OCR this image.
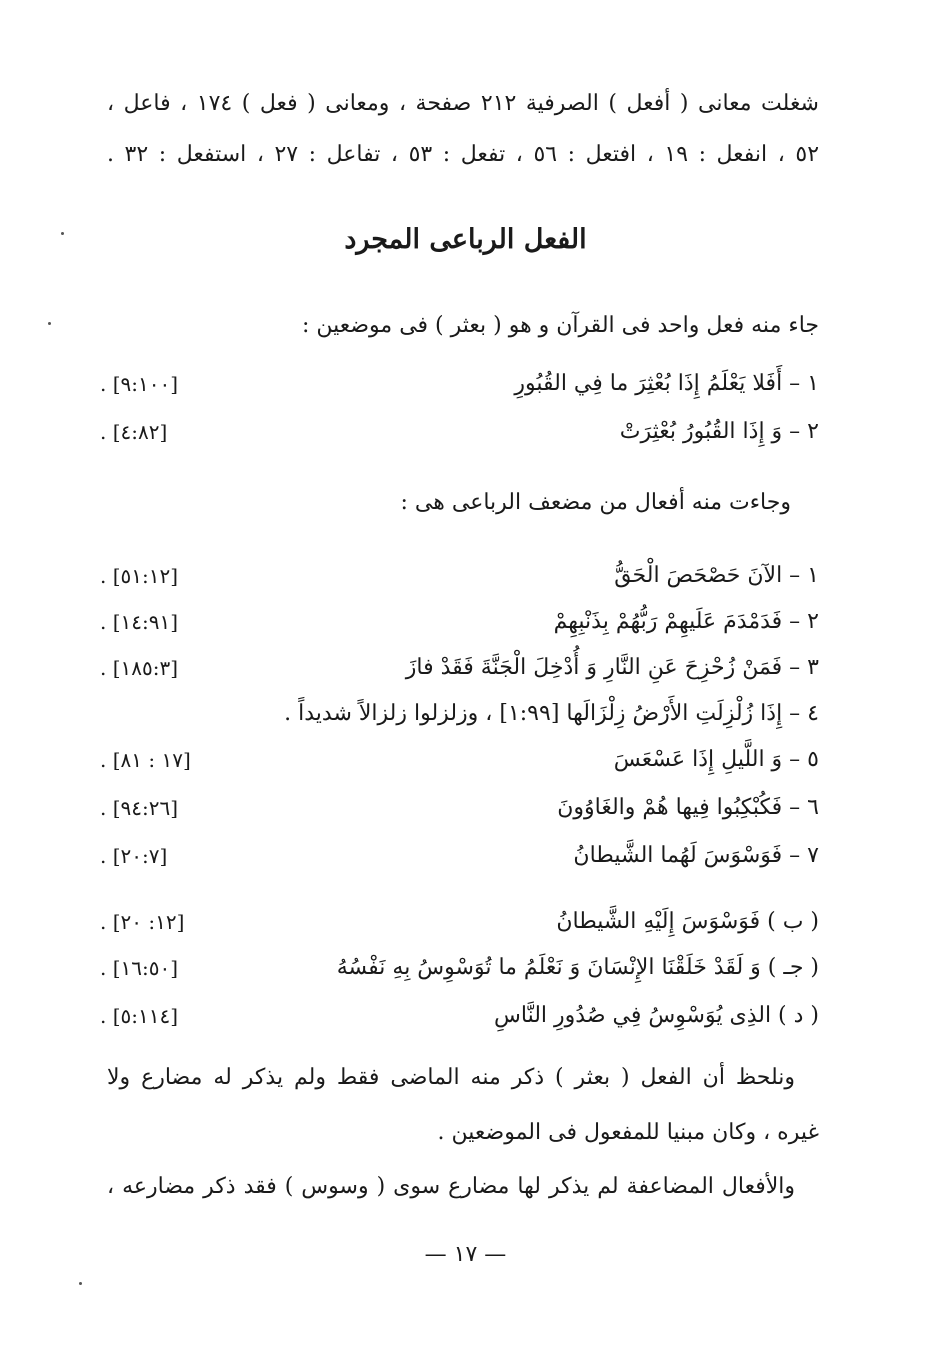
شغلت معانى ( أفعل ) الصرفية ٢١٢ صفحة ، ومعانى ( فعل ) ١٧٤ ، فاعل ،
٥٢ ، انفعل : ١٩ ، افتعل : ٥٦ ، تفعل : ٥٣ ، تفاعل : ٢٧ ، استفعل : ٣٢ .
الفعل الرباعى المجرد
جاء منه فعل واحد فى القرآن و هو ( بعثر ) فى موضعين :
١ – أَفَلا يَعْلَمُ إِذَا بُعْثِرَ ما فِي القُبُورِ
. [٩:١٠٠]
٢ – وَ إِذَا القُبُورُ بُعْثِرَتْ
. [٤:٨٢]
وجاءت منه أفعال من مضعف الرباعى هى :
١ – الآنَ حَصْحَصَ الْحَقُّ
. [٥١:١٢]
٢ – فَدَمْدَمَ عَلَيهِمْ رَبُّهُمْ بِذَنْبِهِمْ
. [١٤:٩١]
٣ – فَمَنْ زُحْزِحَ عَنِ النَّارِ وَ أُدْخِلَ الْجَنَّةَ فَقَدْ فازَ
. [١٨٥:٣]
٤ – إِذَا زُلْزِلَتِ الأَرْضُ زِلْزَالَها [١:٩٩] ، وزلزلوا زلزالاً شديداً .
٥ – وَ اللَّيلِ إِذَا عَسْعَسَ
. [١٧ : ٨١]
٦ – فَكُبْكِبُوا فِيها هُمْ والغَاوُونَ
. [٩٤:٢٦]
٧ – فَوَسْوَسَ لَهُما الشَّيطانُ
. [٢٠:٧]
( ب ) فَوَسْوَسَ إِلَيْهِ الشَّيطانُ
. [١٢: ٢٠]
( جـ ) وَ لَقَدْ خَلَقْنَا الإِنْسَانَ وَ نَعْلَمُ ما تُوَسْوِسُ بِهِ نَفْسُهُ
. [١٦:٥٠]
( د ) الذِى يُوَسْوِسُ فِي صُدُورِ النَّاسِ
. [٥:١١٤]
ونلحظ أن الفعل ( بعثر ) ذكر منه الماضى فقط ولم يذكر له مضارع ولا
غيره ، وكان مبنيا للمفعول فى الموضعين .
والأفعال المضاعفة لم يذكر لها مضارع سوى ( وسوس ) فقد ذكر مضارعه ،
— ١٧ —
